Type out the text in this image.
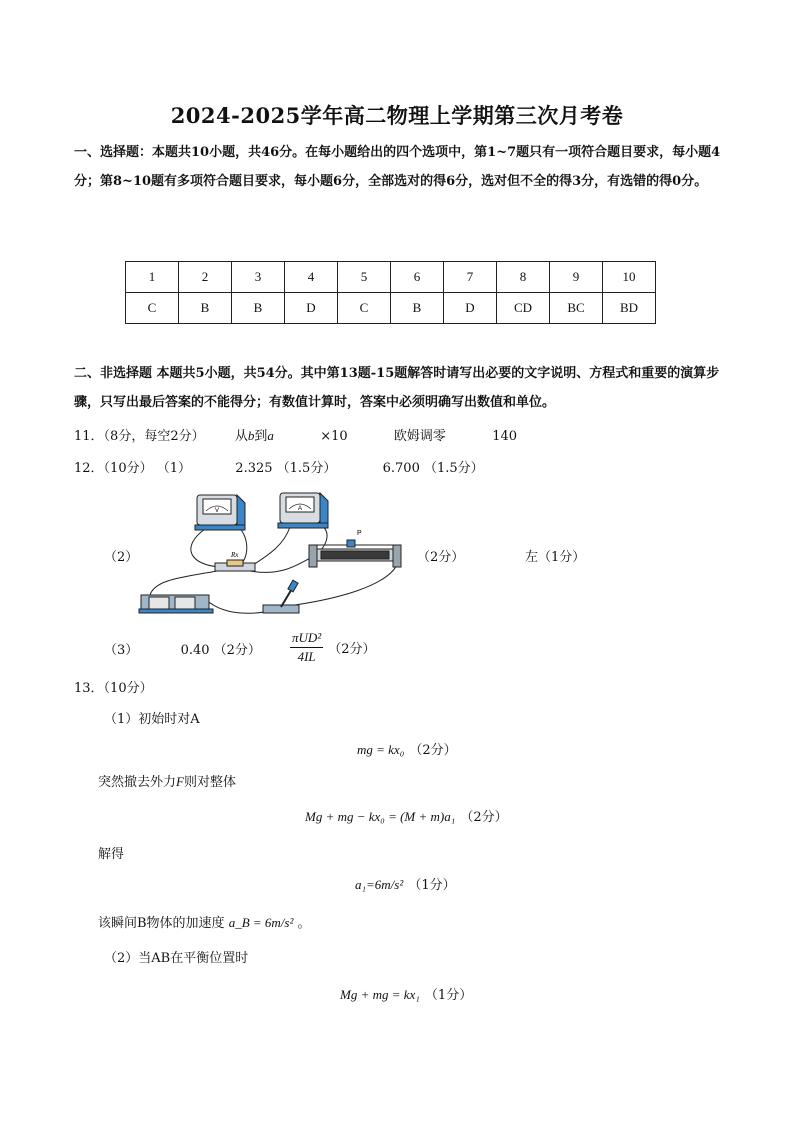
2024-2025学年高二物理上学期第三次月考卷
一、选择题：本题共10小题，共46分。在每小题给出的四个选项中，第1~7题只有一项符合题目要求，每小题4分；第8~10题有多项符合题目要求，每小题6分，全部选对的得6分，选对但不全的得3分，有选错的得0分。
1	2	3	4	5	6	7	8	9	10
C	B	B	D	C	B	D	CD	BC	BD
二、非选择题 本题共5小题，共54分。其中第13题-15题解答时请写出必要的文字说明、方程式和重要的演算步骤，只写出最后答案的不能得分；有数值计算时，答案中必须明确写出数值和单位。
11．（8分，每空2分） 从b到a	×10	欧姆调零	140
12．（10分） （1）	2.325 （1.5分）	6.700 （1.5分）
（2）
V	A
Rx
P
（2分）	左（1分）
（3）	0.40 （2分） $\frac{\text{πUD²}}{4IL} (2$分）
13．（10分）
（1）初始时对A
mg = kx₀ （2分）
突然撤去外力F则对整体
Mg + mg − kx₀ = (M + m)a₁ （2分）
解得
a₁=6m/s² （1分）
该瞬间B物体的加速度 a_B = 6m/s² 。
（2）当AB在平衡位置时
Mg + mg = kx₁ （1分）
